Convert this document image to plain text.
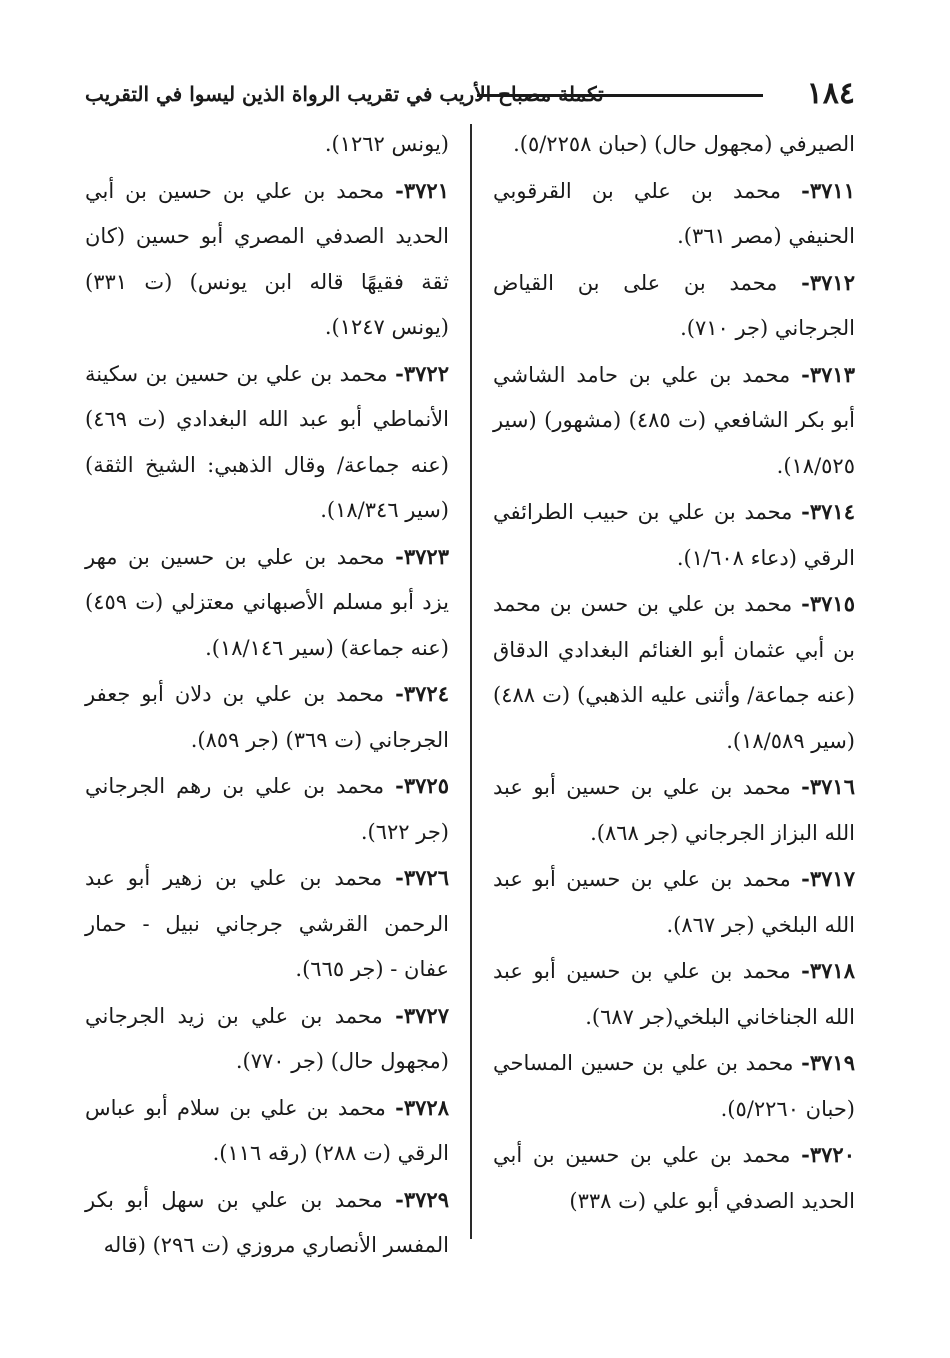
١٨٤
تكملة مصباح الأريب في تقريب الرواة الذين ليسوا في التقريب

الصيرفي (مجهول حال) (حبان ٥/٢٢٥٨).

٣٧١١- محمد بن علي بن القرقوبي الحنيفي (مصر ٣٦١).

٣٧١٢- محمد بن على بن القياض الجرجاني (جر ٧١٠).

٣٧١٣- محمد بن علي بن حامد الشاشي أبو بكر الشافعي (ت ٤٨٥) (مشهور) (سير ١٨/٥٢٥).

٣٧١٤- محمد بن علي بن حبيب الطرائفي الرقي (دعاء ١/٦٠٨).

٣٧١٥- محمد بن علي بن حسن بن محمد بن أبي عثمان أبو الغنائم البغدادي الدقاق (عنه جماعة/ وأثنى عليه الذهبي) (ت ٤٨٨) (سير ١٨/٥٨٩).

٣٧١٦- محمد بن علي بن حسين أبو عبد الله البزاز الجرجاني (جر ٨٦٨).

٣٧١٧- محمد بن علي بن حسين أبو عبد الله البلخي (جر ٨٦٧).

٣٧١٨- محمد بن علي بن حسين أبو عبد الله الجناخاني البلخي(جر ٦٨٧).

٣٧١٩- محمد بن علي بن حسين المساحي (حبان ٥/٢٢٦٠).

٣٧٢٠- محمد بن علي بن حسين بن أبي الحديد الصدفي أبو علي (ت ٣٣٨)

(يونس ١٢٦٢).

٣٧٢١- محمد بن علي بن حسين بن أبي الحديد الصدفي المصري أبو حسين (كان ثقة فقيهًا قاله ابن يونس) (ت ٣٣١) (يونس ١٢٤٧).

٣٧٢٢- محمد بن علي بن حسين بن سكينة الأنماطي أبو عبد الله البغدادي (ت ٤٦٩) (عنه جماعة/ وقال الذهبي: الشيخ الثقة) (سير ١٨/٣٤٦).

٣٧٢٣- محمد بن علي بن حسين بن مهر يزد أبو مسلم الأصبهاني معتزلي (ت ٤٥٩) (عنه جماعة) (سير ١٨/١٤٦).

٣٧٢٤- محمد بن علي بن دلان أبو جعفر الجرجاني (ت ٣٦٩) (جر ٨٥٩).

٣٧٢٥- محمد بن علي بن رهم الجرجاني (جر ٦٢٢).

٣٧٢٦- محمد بن علي بن زهير أبو عبد الرحمن القرشي جرجاني نبيل - حمار عفان - (جر ٦٦٥).

٣٧٢٧- محمد بن علي بن زيد الجرجاني (مجهول حال) (جر ٧٧٠).

٣٧٢٨- محمد بن علي بن سلام أبو عباس الرقي (ت ٢٨٨) (رقه ١١٦).

٣٧٢٩- محمد بن علي بن سهل أبو بكر المفسر الأنصاري مروزي (ت ٢٩٦) (قاله
